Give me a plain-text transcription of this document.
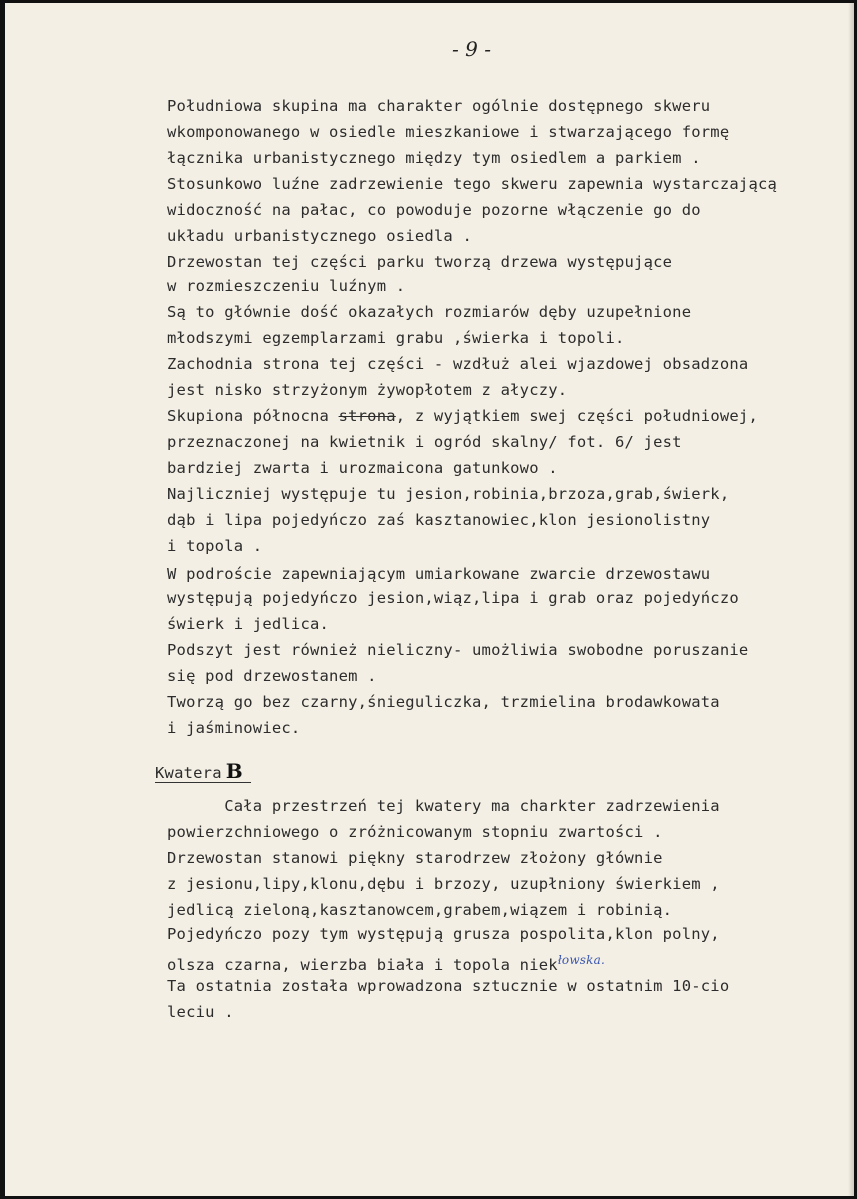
- 9 -
Południowa skupina ma charakter ogólnie dostępnego skweru
wkomponowanego w osiedle mieszkaniowe i stwarzającego formę
łącznika urbanistycznego między tym osiedlem a parkiem .
Stosunkowo luźne zadrzewienie tego skweru zapewnia wystarczającą
widoczność na pałac, co powoduje pozorne włączenie go do
układu urbanistycznego osiedla .
Drzewostan tej części parku tworzą drzewa występujące
w rozmieszczeniu luźnym .
Są to głównie dość okazałych rozmiarów dęby uzupełnione
młodszymi egzemplarzami grabu ,świerka i topoli.
Zachodnia strona tej części - wzdłuż alei wjazdowej obsadzona
jest nisko strzyżonym żywopłotem z ałyczy.
Skupiona północna strona, z wyjątkiem swej części południowej,
przeznaczonej na kwietnik i ogród skalny/ fot. 6/ jest
bardziej zwarta i urozmaicona gatunkowo .
Najliczniej występuje tu jesion,robinia,brzoza,grab,świerk,
dąb i lipa pojedyńczo zaś kasztanowiec,klon jesionolistny
i topola .
W podroście zapewniającym umiarkowane zwarcie drzewostawu
występują pojedyńczo jesion,wiąz,lipa i grab oraz pojedyńczo
świerk i jedlica.
Podszyt jest również nieliczny- umożliwia swobodne poruszanie
się pod drzewostanem .
Tworzą go bez czarny,śnieguliczka, trzmielina brodawkowata
i jaśminowiec.
Kwatera B
Cała przestrzeń tej kwatery ma charkter zadrzewienia
powierzchniowego o zróżnicowanym stopniu zwartości .
Drzewostan stanowi piękny starodrzew złożony głównie
z jesionu,lipy,klonu,dębu i brzozy, uzupłniony świerkiem ,
jedlicą zieloną,kasztanowcem,grabem,wiązem i robinią.
Pojedyńczo pozy tym występują grusza pospolita,klon polny,
olsza czarna, wierzba biała i topola niek$^{łowska.}$
Ta ostatnia została wprowadzona sztucznie w ostatnim 10-cio
leciu .
